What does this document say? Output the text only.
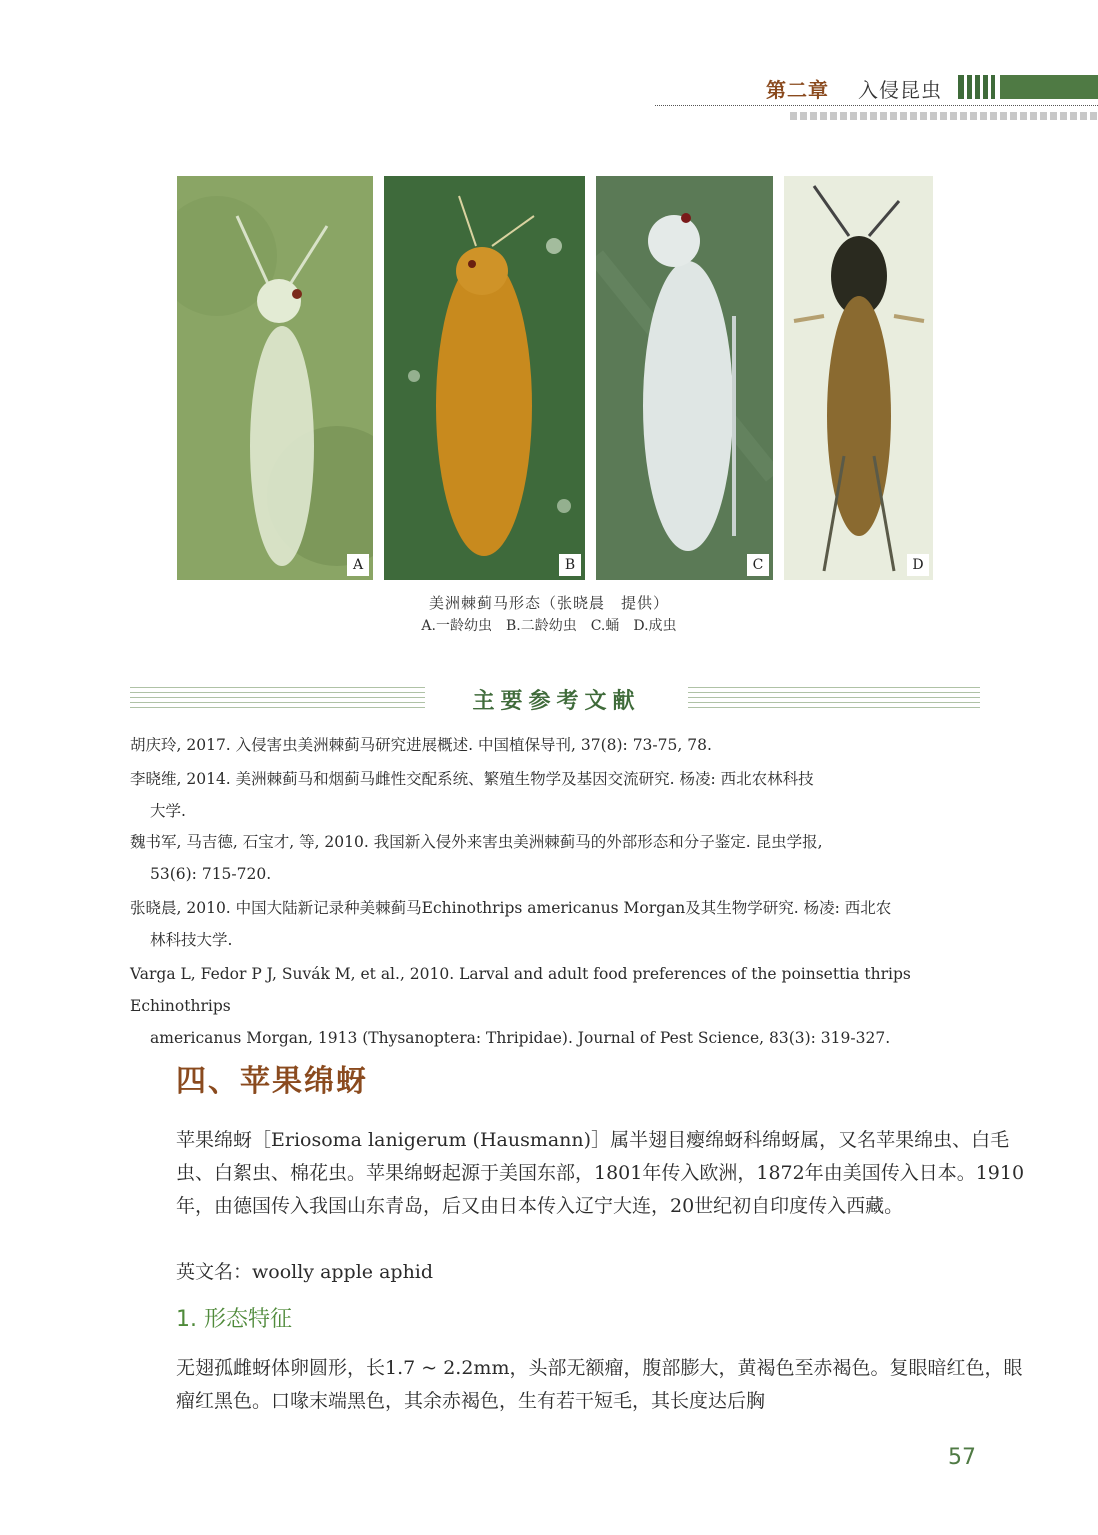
第二章 入侵昆虫
A	B	C	D
美洲棘蓟马形态（张晓晨　提供）
A.一龄幼虫　B.二龄幼虫　C.蛹　D.成虫
主要参考文献
胡庆玲, 2017. 入侵害虫美洲棘蓟马研究进展概述. 中国植保导刊, 37(8): 73-75, 78.
李晓维, 2014. 美洲棘蓟马和烟蓟马雌性交配系统、繁殖生物学及基因交流研究. 杨凌: 西北农林科技
大学.
魏书军, 马吉德, 石宝才, 等, 2010. 我国新入侵外来害虫美洲棘蓟马的外部形态和分子鉴定. 昆虫学报,
53(6): 715-720.
张晓晨, 2010. 中国大陆新记录种美棘蓟马Echinothrips americanus Morgan及其生物学研究. 杨凌: 西北农
林科技大学.
Varga L, Fedor P J, Suvák M, et al., 2010. Larval and adult food preferences of the poinsettia thrips Echinothrips
americanus Morgan, 1913 (Thysanoptera: Thripidae). Journal of Pest Science, 83(3): 319-327.
四、苹果绵蚜
苹果绵蚜［Eriosoma lanigerum (Hausmann)］属半翅目瘿绵蚜科绵蚜属，又名苹果绵虫、白毛虫、白絮虫、棉花虫。苹果绵蚜起源于美国东部，1801年传入欧洲，1872年由美国传入日本。1910年，由德国传入我国山东青岛，后又由日本传入辽宁大连，20世纪初自印度传入西藏。
英文名：woolly apple aphid
1. 形态特征
无翅孤雌蚜体卵圆形，长1.7 ~ 2.2mm，头部无额瘤，腹部膨大，黄褐色至赤褐色。复眼暗红色，眼瘤红黑色。口喙末端黑色，其余赤褐色，生有若干短毛，其长度达后胸
57
